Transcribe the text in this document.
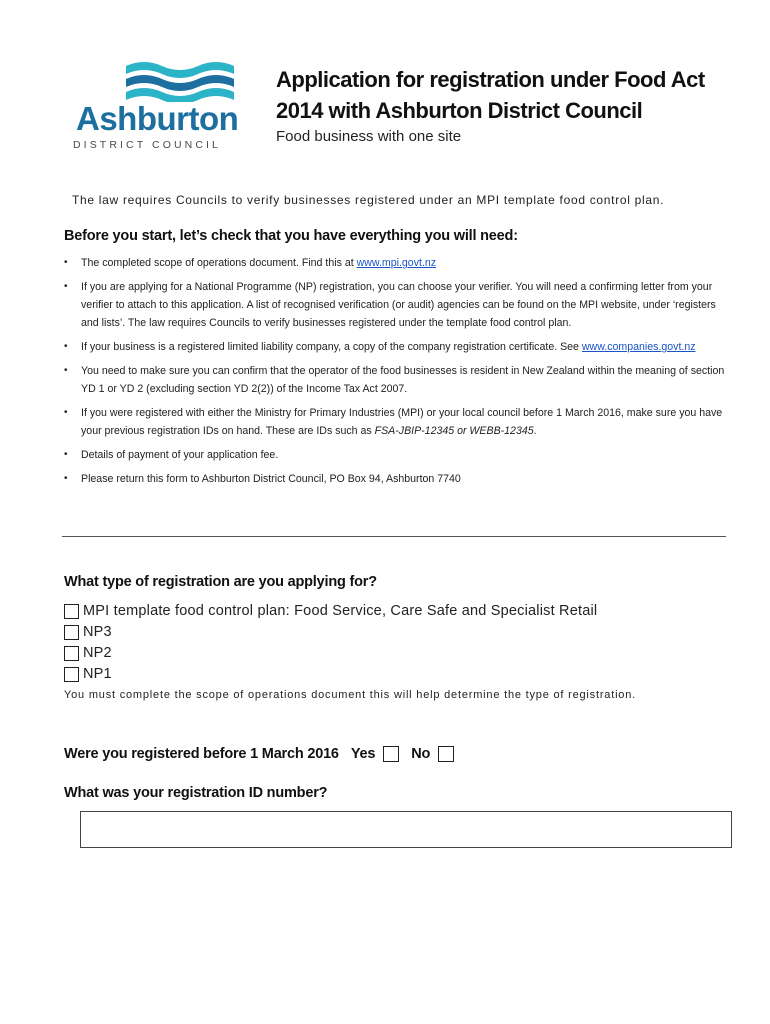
Ashburton
DISTRICT COUNCIL
Application for registration under Food Act 2014 with Ashburton District Council
Food business with one site
The law requires Councils to verify businesses registered under an MPI template food control plan.
Before you start, let’s check that you have everything you will need:
• The completed scope of operations document. Find this at www.mpi.govt.nz
• If you are applying for a National Programme (NP) registration, you can choose your verifier. You will need a confirming letter from your verifier to attach to this application. A list of recognised verification (or audit) agencies can be found on the MPI website, under ‘registers and lists’. The law requires Councils to verify businesses registered under the template food control plan.
• If your business is a registered limited liability company, a copy of the company registration certificate. See www.companies.govt.nz
• You need to make sure you can confirm that the operator of the food businesses is resident in New Zealand within the meaning of section YD 1 or YD 2 (excluding section YD 2(2)) of the Income Tax Act 2007.
• If you were registered with either the Ministry for Primary Industries (MPI) or your local council before 1 March 2016, make sure you have your previous registration IDs on hand. These are IDs such as FSA-JBIP-12345 or WEBB-12345.
• Details of payment of your application fee.
• Please return this form to Ashburton District Council, PO Box 94, Ashburton 7740
What type of registration are you applying for?
MPI template food control plan: Food Service, Care Safe and Specialist Retail
NP3
NP2
NP1
You must complete the scope of operations document this will help determine the type of registration.
Were you registered before 1 March 2016 Yes No
What was your registration ID number?
